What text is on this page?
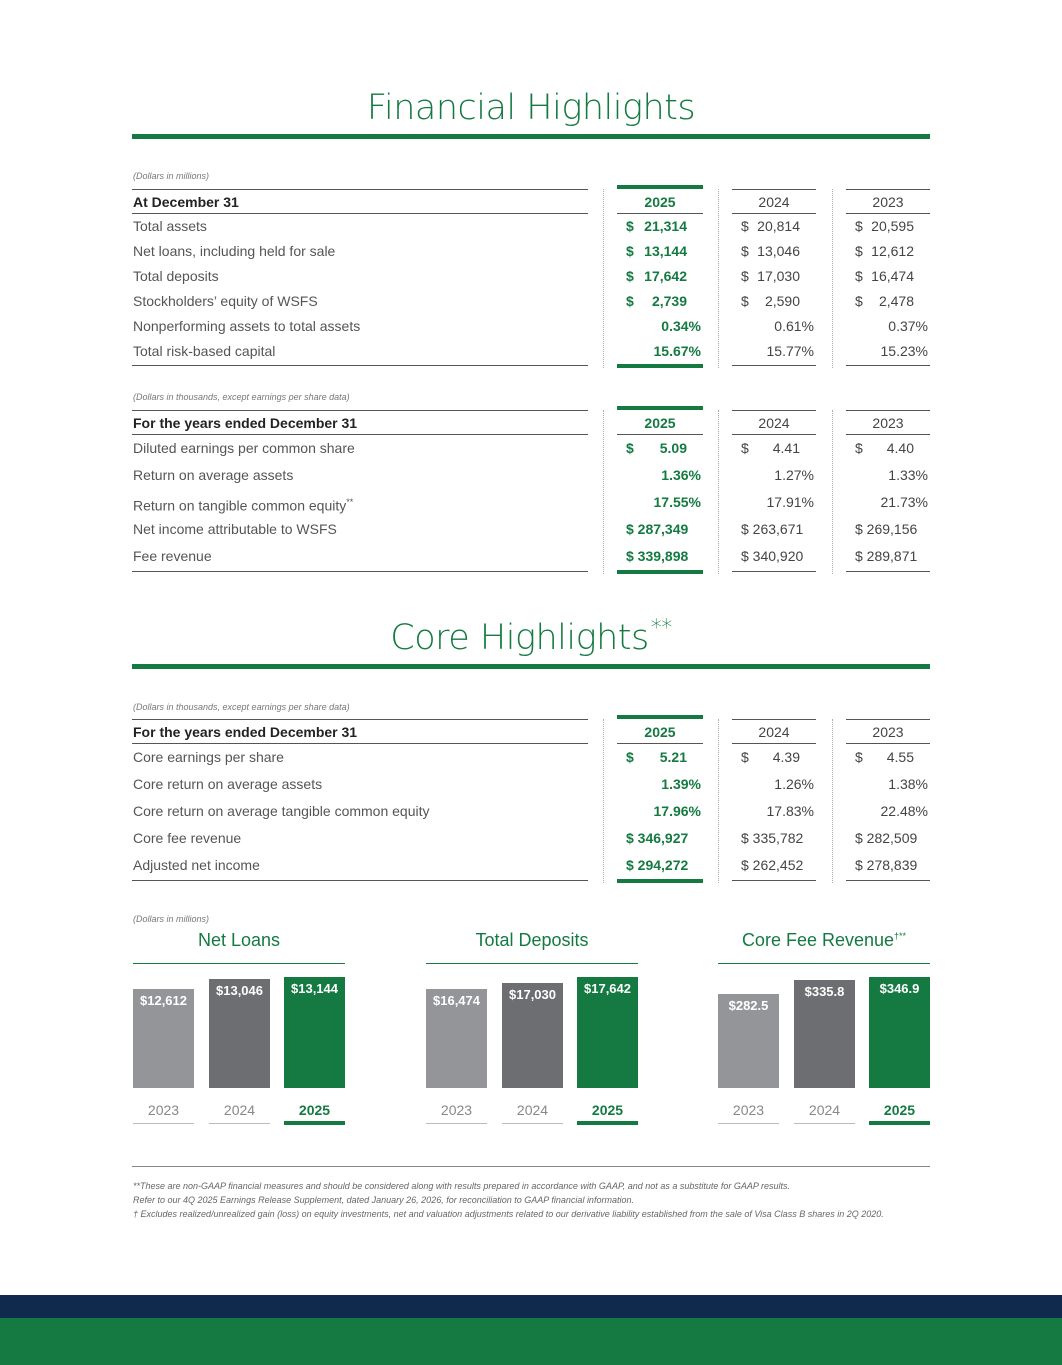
Financial Highlights
(Dollars in millions)
At December 31	2025	2024	2023
Total assets	$ 21,314	$ 20,814	$ 20,595
Net loans, including held for sale	$ 13,144	$ 13,046	$ 12,612
Total deposits	$ 17,642	$ 17,030	$ 16,474
Stockholders’ equity of WSFS	$ 2,739	$ 2,590	$ 2,478
Nonperforming assets to total assets	0.34%	0.61%	0.37%
Total risk-based capital	15.67%	15.77%	15.23%
(Dollars in thousands, except earnings per share data)
For the years ended December 31	2025	2024	2023
Diluted earnings per common share	$ 5.09	$ 4.41	$ 4.40
Return on average assets	1.36%	1.27%	1.33%
Return on tangible common equity**	17.55%	17.91%	21.73%
Net income attributable to WSFS	$ 287,349	$ 263,671	$ 269,156
Fee revenue	$ 339,898	$ 340,920	$ 289,871
Core Highlights**
(Dollars in thousands, except earnings per share data)
For the years ended December 31	2025	2024	2023
Core earnings per share	$ 5.21	$ 4.39	$ 4.55
Core return on average assets	1.39%	1.26%	1.38%
Core return on average tangible common equity	17.96%	17.83%	22.48%
Core fee revenue	$ 346,927	$ 335,782	$ 282,509
Adjusted net income	$ 294,272	$ 262,452	$ 278,839
(Dollars in millions)
Net Loans
$12,612
2023
$13,046
2024
$13,144
2025
Total Deposits
$16,474
2023
$17,030
2024
$17,642
2025
Core Fee Revenue†**
$282.5
2023
$335.8
2024
$346.9
2025
**These are non-GAAP financial measures and should be considered along with results prepared in accordance with GAAP, and not as a substitute for GAAP results.
Refer to our 4Q 2025 Earnings Release Supplement, dated January 26, 2026, for reconciliation to GAAP financial information.
† Excludes realized/unrealized gain (loss) on equity investments, net and valuation adjustments related to our derivative liability established from the sale of Visa Class B shares in 2Q 2020.
